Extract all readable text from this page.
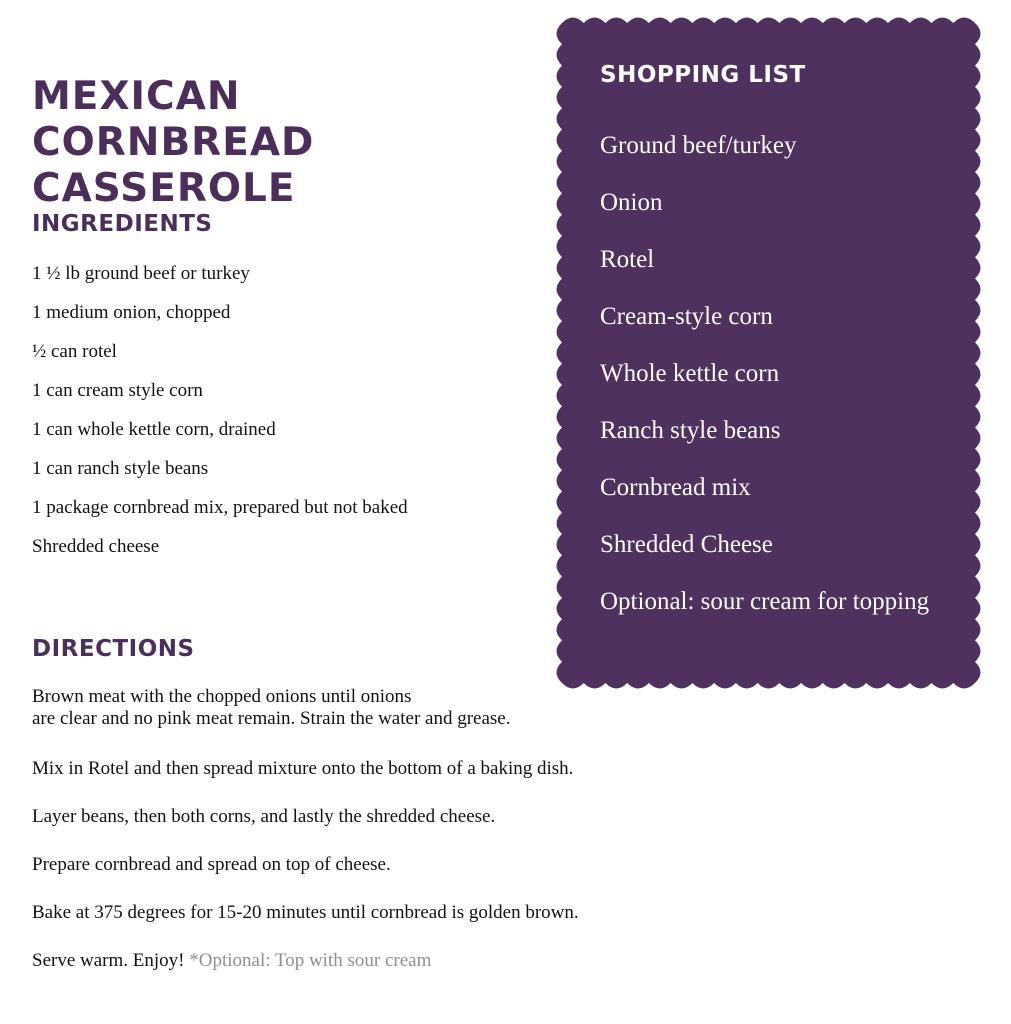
MEXICAN CORNBREAD CASSEROLE
INGREDIENTS
1 ½ lb ground beef or turkey
1 medium onion, chopped
½ can rotel
1 can cream style corn
1 can whole kettle corn, drained
1 can ranch style beans
1 package cornbread mix, prepared but not baked
Shredded cheese
DIRECTIONS

Brown meat with the chopped onions until onions
are clear and no pink meat remain. Strain the water and grease.

Mix in Rotel and then spread mixture onto the bottom of a baking dish.

Layer beans, then both corns, and lastly the shredded cheese.

Prepare cornbread and spread on top of cheese.

Bake at 375 degrees for 15-20 minutes until cornbread is golden brown.

Serve warm. Enjoy! *Optional: Top with sour cream

SHOPPING LIST
Ground beef/turkey
Onion
Rotel
Cream-style corn
Whole kettle corn
Ranch style beans
Cornbread mix
Shredded Cheese
Optional: sour cream for topping
